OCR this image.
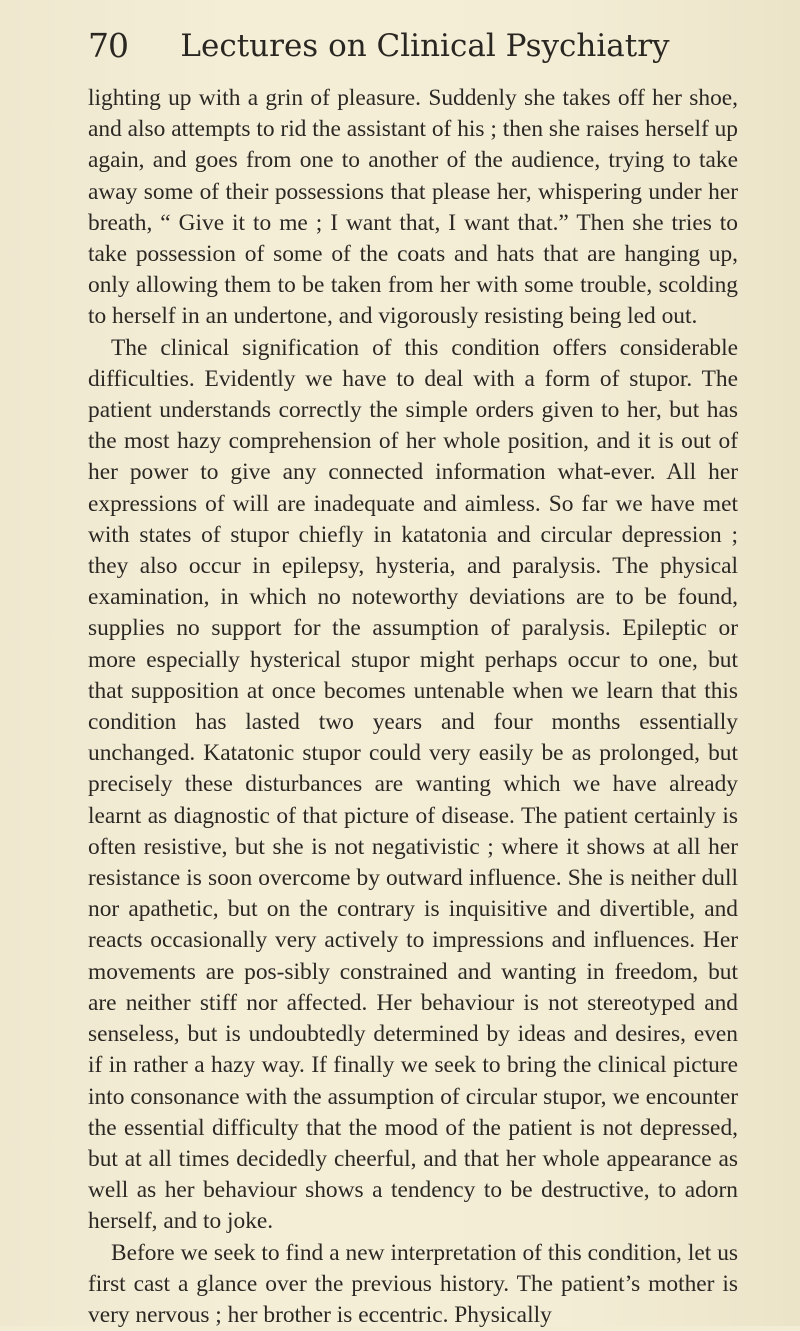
70	Lectures on Clinical Psychiatry

lighting up with a grin of pleasure. Suddenly she takes off her shoe, and also attempts to rid the assistant of his ; then she raises herself up again, and goes from one to another of the audience, trying to take away some of their possessions that please her, whispering under her breath, “ Give it to me ; I want that, I want that.” Then she tries to take possession of some of the coats and hats that are hanging up, only allowing them to be taken from her with some trouble, scolding to herself in an undertone, and vigorously resisting being led out.

The clinical signification of this condition offers considerable difficulties. Evidently we have to deal with a form of stupor. The patient understands correctly the simple orders given to her, but has the most hazy comprehension of her whole position, and it is out of her power to give any connected information what-ever. All her expressions of will are inadequate and aimless. So far we have met with states of stupor chiefly in katatonia and circular depression ; they also occur in epilepsy, hysteria, and paralysis. The physical examination, in which no noteworthy deviations are to be found, supplies no support for the assumption of paralysis. Epileptic or more especially hysterical stupor might perhaps occur to one, but that supposition at once becomes untenable when we learn that this condition has lasted two years and four months essentially unchanged. Katatonic stupor could very easily be as prolonged, but precisely these disturbances are wanting which we have already learnt as diagnostic of that picture of disease. The patient certainly is often resistive, but she is not negativistic ; where it shows at all her resistance is soon overcome by outward influence. She is neither dull nor apathetic, but on the contrary is inquisitive and divertible, and reacts occasionally very actively to impressions and influences. Her movements are pos-sibly constrained and wanting in freedom, but are neither stiff nor affected. Her behaviour is not stereotyped and senseless, but is undoubtedly determined by ideas and desires, even if in rather a hazy way. If finally we seek to bring the clinical picture into consonance with the assumption of circular stupor, we encounter the essential difficulty that the mood of the patient is not depressed, but at all times decidedly cheerful, and that her whole appearance as well as her behaviour shows a tendency to be destructive, to adorn herself, and to joke.

Before we seek to find a new interpretation of this condition, let us first cast a glance over the previous history. The patient’s mother is very nervous ; her brother is eccentric. Physically
